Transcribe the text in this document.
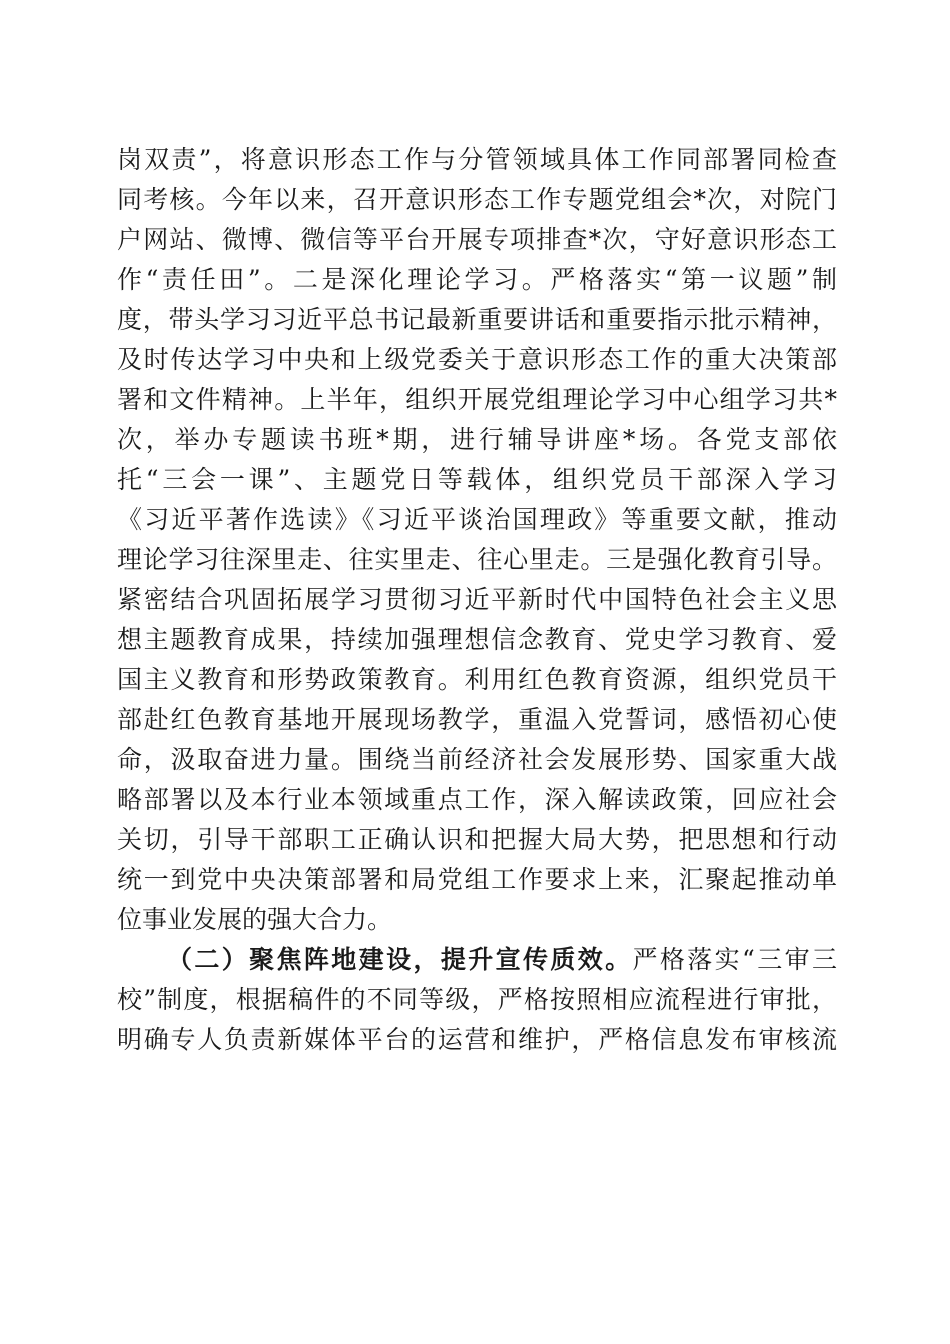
岗双责”，将意识形态工作与分管领域具体工作同部署同检查
同考核。今年以来，召开意识形态工作专题党组会*次，对院门
户网站、微博、微信等平台开展专项排查*次，守好意识形态工
作“责任田”。二是深化理论学习。严格落实“第一议题”制
度，带头学习习近平总书记最新重要讲话和重要指示批示精神，
及时传达学习中央和上级党委关于意识形态工作的重大决策部
署和文件精神。上半年，组织开展党组理论学习中心组学习共*
次，举办专题读书班*期，进行辅导讲座*场。各党支部依
托“三会一课”、主题党日等载体，组织党员干部深入学习
《习近平著作选读》《习近平谈治国理政》等重要文献，推动
理论学习往深里走、往实里走、往心里走。三是强化教育引导。
紧密结合巩固拓展学习贯彻习近平新时代中国特色社会主义思
想主题教育成果，持续加强理想信念教育、党史学习教育、爱
国主义教育和形势政策教育。利用红色教育资源，组织党员干
部赴红色教育基地开展现场教学，重温入党誓词，感悟初心使
命，汲取奋进力量。围绕当前经济社会发展形势、国家重大战
略部署以及本行业本领域重点工作，深入解读政策，回应社会
关切，引导干部职工正确认识和把握大局大势，把思想和行动
统一到党中央决策部署和局党组工作要求上来，汇聚起推动单
位事业发展的强大合力。
（二）聚焦阵地建设，提升宣传质效。严格落实“三审三
校”制度，根据稿件的不同等级，严格按照相应流程进行审批，
明确专人负责新媒体平台的运营和维护，严格信息发布审核流
